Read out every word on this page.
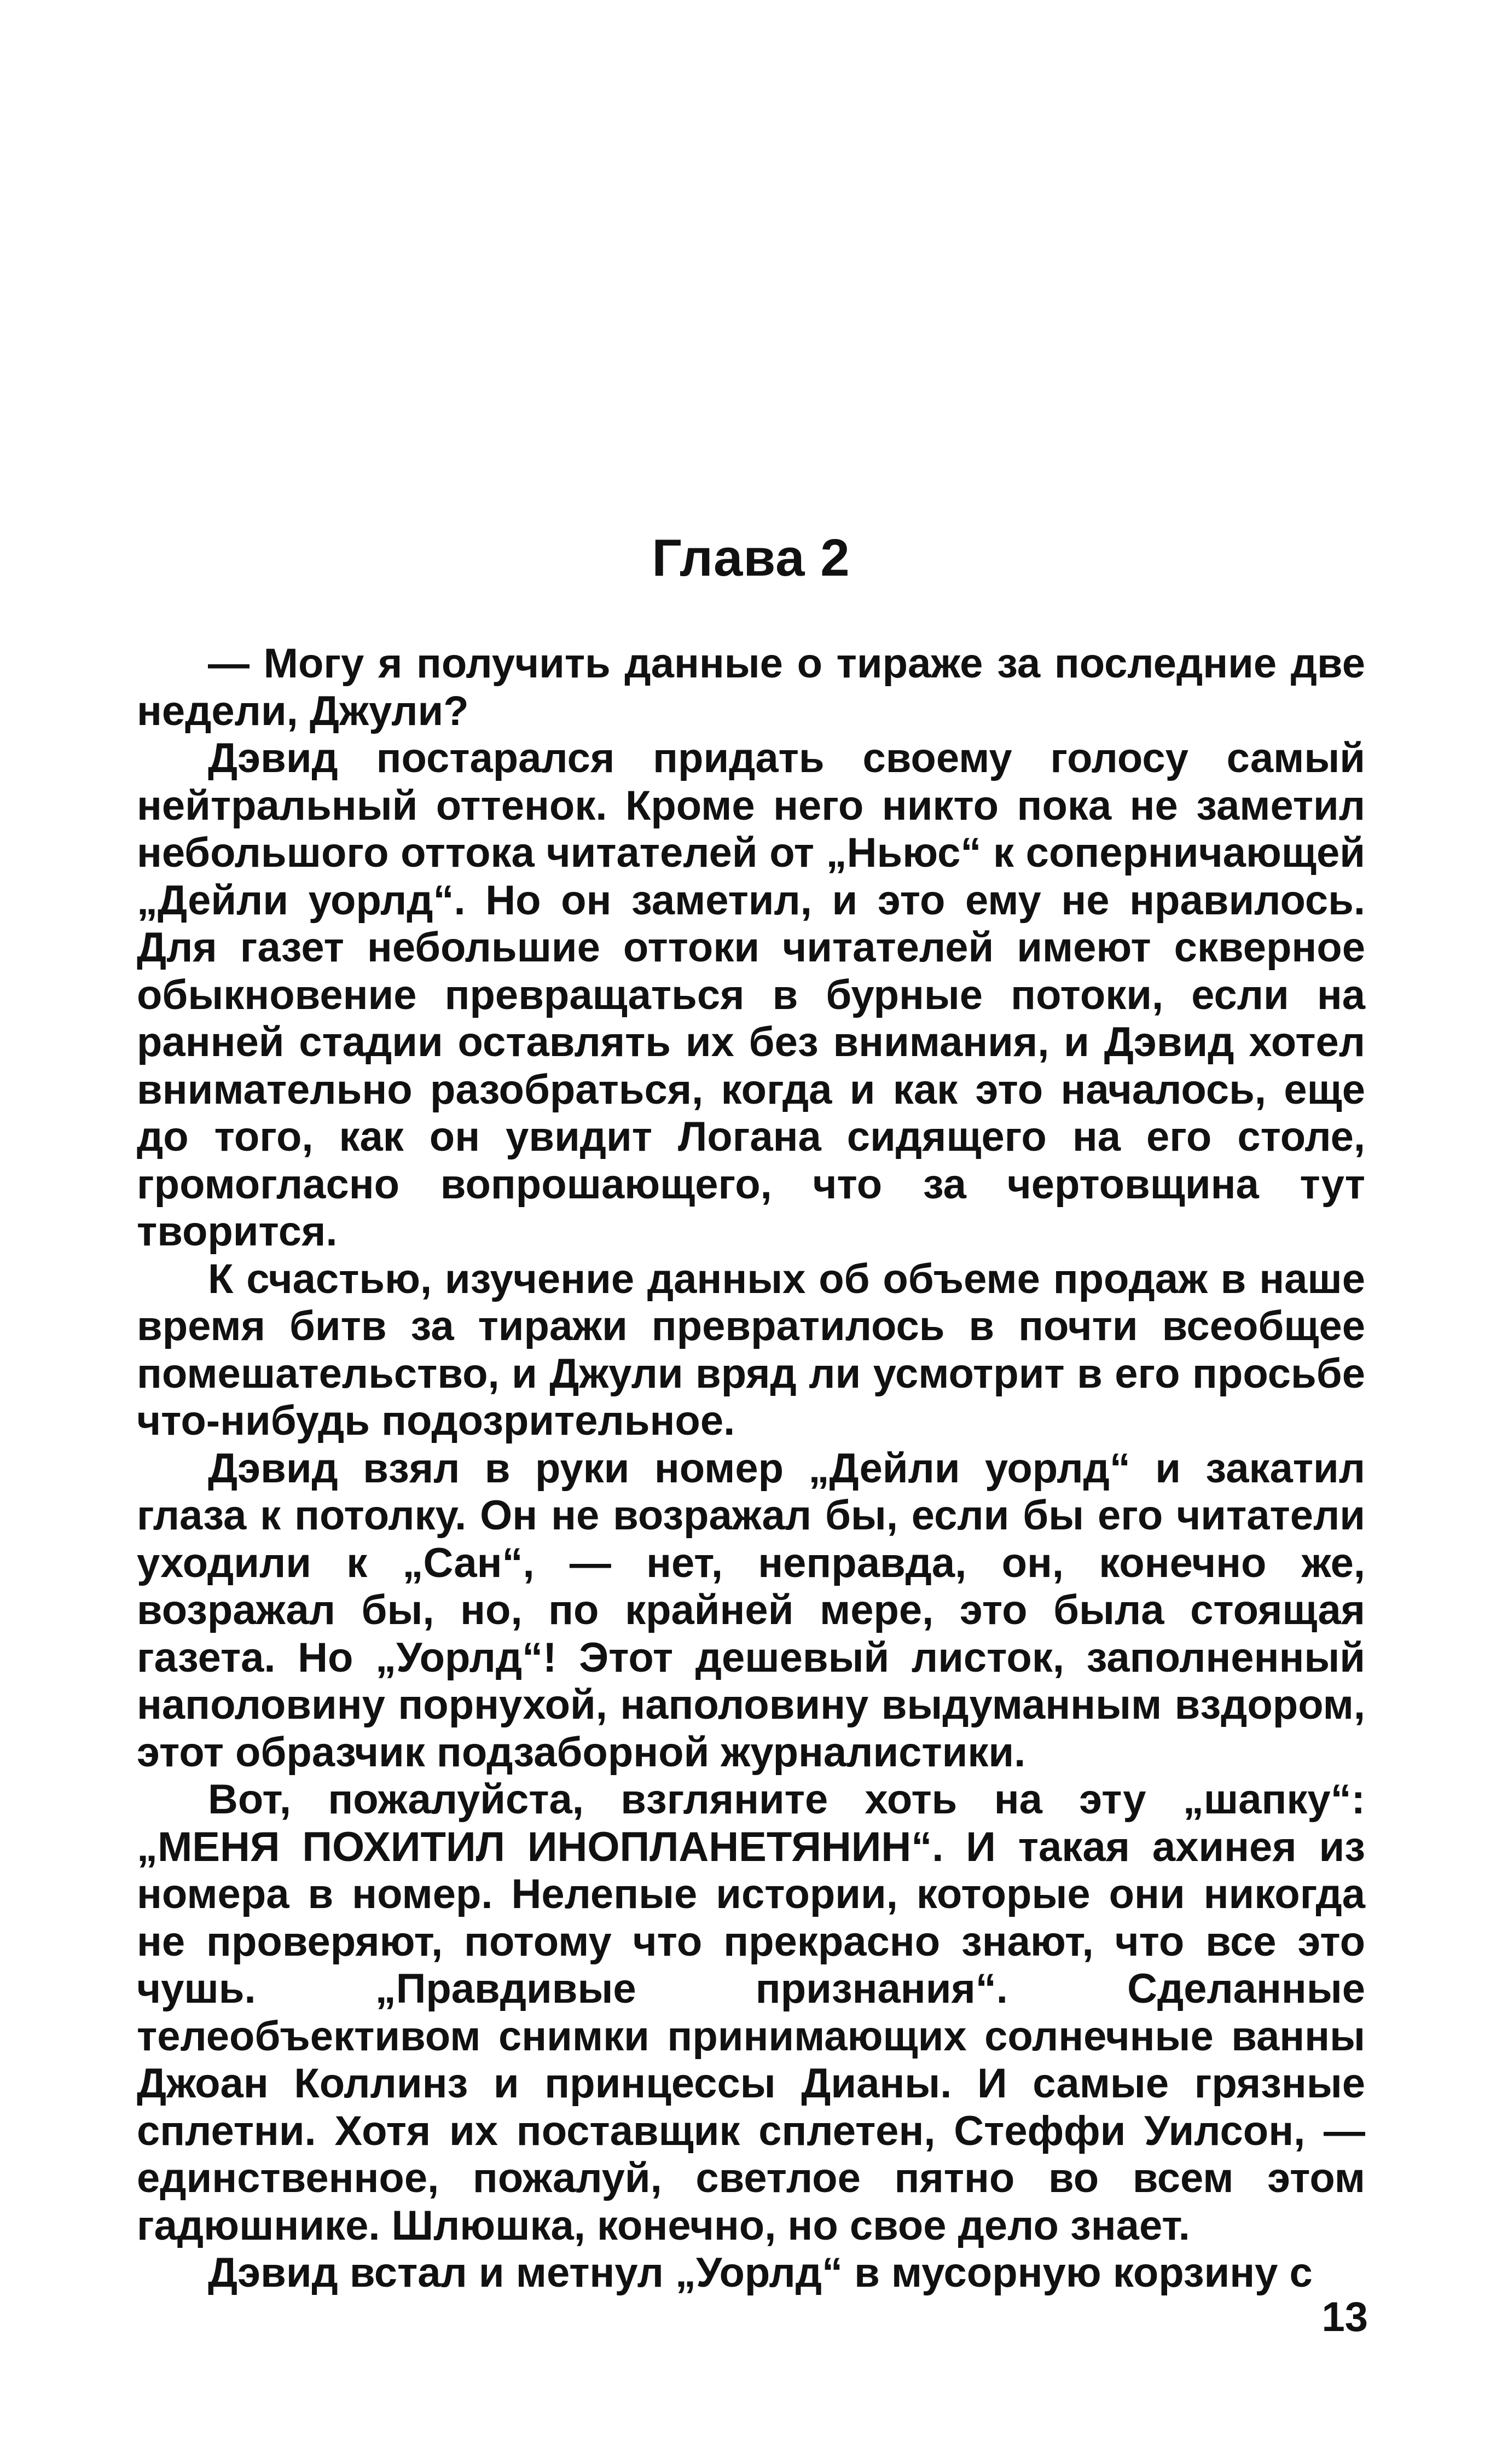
Глава 2

— Могу я получить данные о тираже за последние две недели, Джули?

Дэвид постарался придать своему голосу самый нейтральный оттенок. Кроме него никто пока не заметил небольшого оттока читателей от „Ньюс“ к соперничающей „Дейли уорлд“. Но он заметил, и это ему не нравилось. Для газет небольшие оттоки читателей имеют скверное обыкновение превращаться в бурные потоки, если на ранней стадии оставлять их без внимания, и Дэвид хотел внимательно разобраться, когда и как это началось, еще до того, как он увидит Логана сидящего на его столе, громогласно вопрошающего, что за чертовщина тут творится.

К счастью, изучение данных об объеме продаж в наше время битв за тиражи превратилось в почти всеобщее помешательство, и Джули вряд ли усмотрит в его просьбе что-нибудь подозрительное.

Дэвид взял в руки номер „Дейли уорлд“ и закатил глаза к потолку. Он не возражал бы, если бы его читатели уходили к „Сан“, — нет, неправда, он, конечно же, возражал бы, но, по крайней мере, это была стоящая газета. Но „Уорлд“! Этот дешевый листок, заполненный наполовину порнухой, наполовину выдуманным вздором, этот образчик подзаборной журналистики.

Вот, пожалуйста, взгляните хоть на эту „шапку“: „МЕНЯ ПОХИТИЛ ИНОПЛАНЕТЯНИН“. И такая ахинея из номера в номер. Нелепые истории, которые они никогда не проверяют, потому что прекрасно знают, что все это чушь. „Правдивые признания“. Сделанные телеобъективом снимки принимающих солнечные ванны Джоан Коллинз и принцессы Дианы. И самые грязные сплетни. Хотя их поставщик сплетен, Стеффи Уилсон, — единственное, пожалуй, светлое пятно во всем этом гадюшнике. Шлюшка, конечно, но свое дело знает.

Дэвид встал и метнул „Уорлд“ в мусорную корзину с

13
